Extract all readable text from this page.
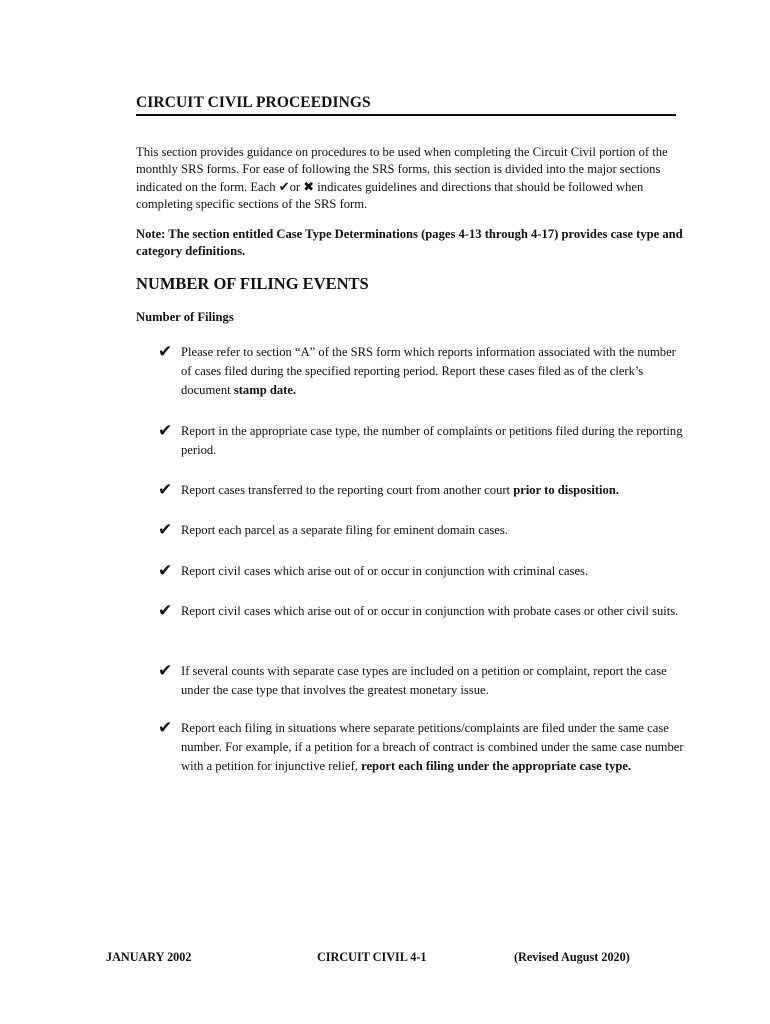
CIRCUIT CIVIL PROCEEDINGS
This section provides guidance on procedures to be used when completing the Circuit Civil portion of the monthly SRS forms. For ease of following the SRS forms, this section is divided into the major sections indicated on the form. Each ✔or ✖ indicates guidelines and directions that should be followed when completing specific sections of the SRS form.
Note: The section entitled Case Type Determinations (pages 4-13 through 4-17) provides case type and category definitions.
NUMBER OF FILING EVENTS
Number of Filings
✔ Please refer to section “A” of the SRS form which reports information associated with the number of cases filed during the specified reporting period. Report these cases filed as of the clerk’s document stamp date.
✔ Report in the appropriate case type, the number of complaints or petitions filed during the reporting period.
✔ Report cases transferred to the reporting court from another court prior to disposition.
✔ Report each parcel as a separate filing for eminent domain cases.
✔ Report civil cases which arise out of or occur in conjunction with criminal cases.
✔ Report civil cases which arise out of or occur in conjunction with probate cases or other civil suits.
✔ If several counts with separate case types are included on a petition or complaint, report the case under the case type that involves the greatest monetary issue.
✔ Report each filing in situations where separate petitions/complaints are filed under the same case number. For example, if a petition for a breach of contract is combined under the same case number with a petition for injunctive relief, report each filing under the appropriate case type.
JANUARY 2002	CIRCUIT CIVIL 4-1	(Revised August 2020)
